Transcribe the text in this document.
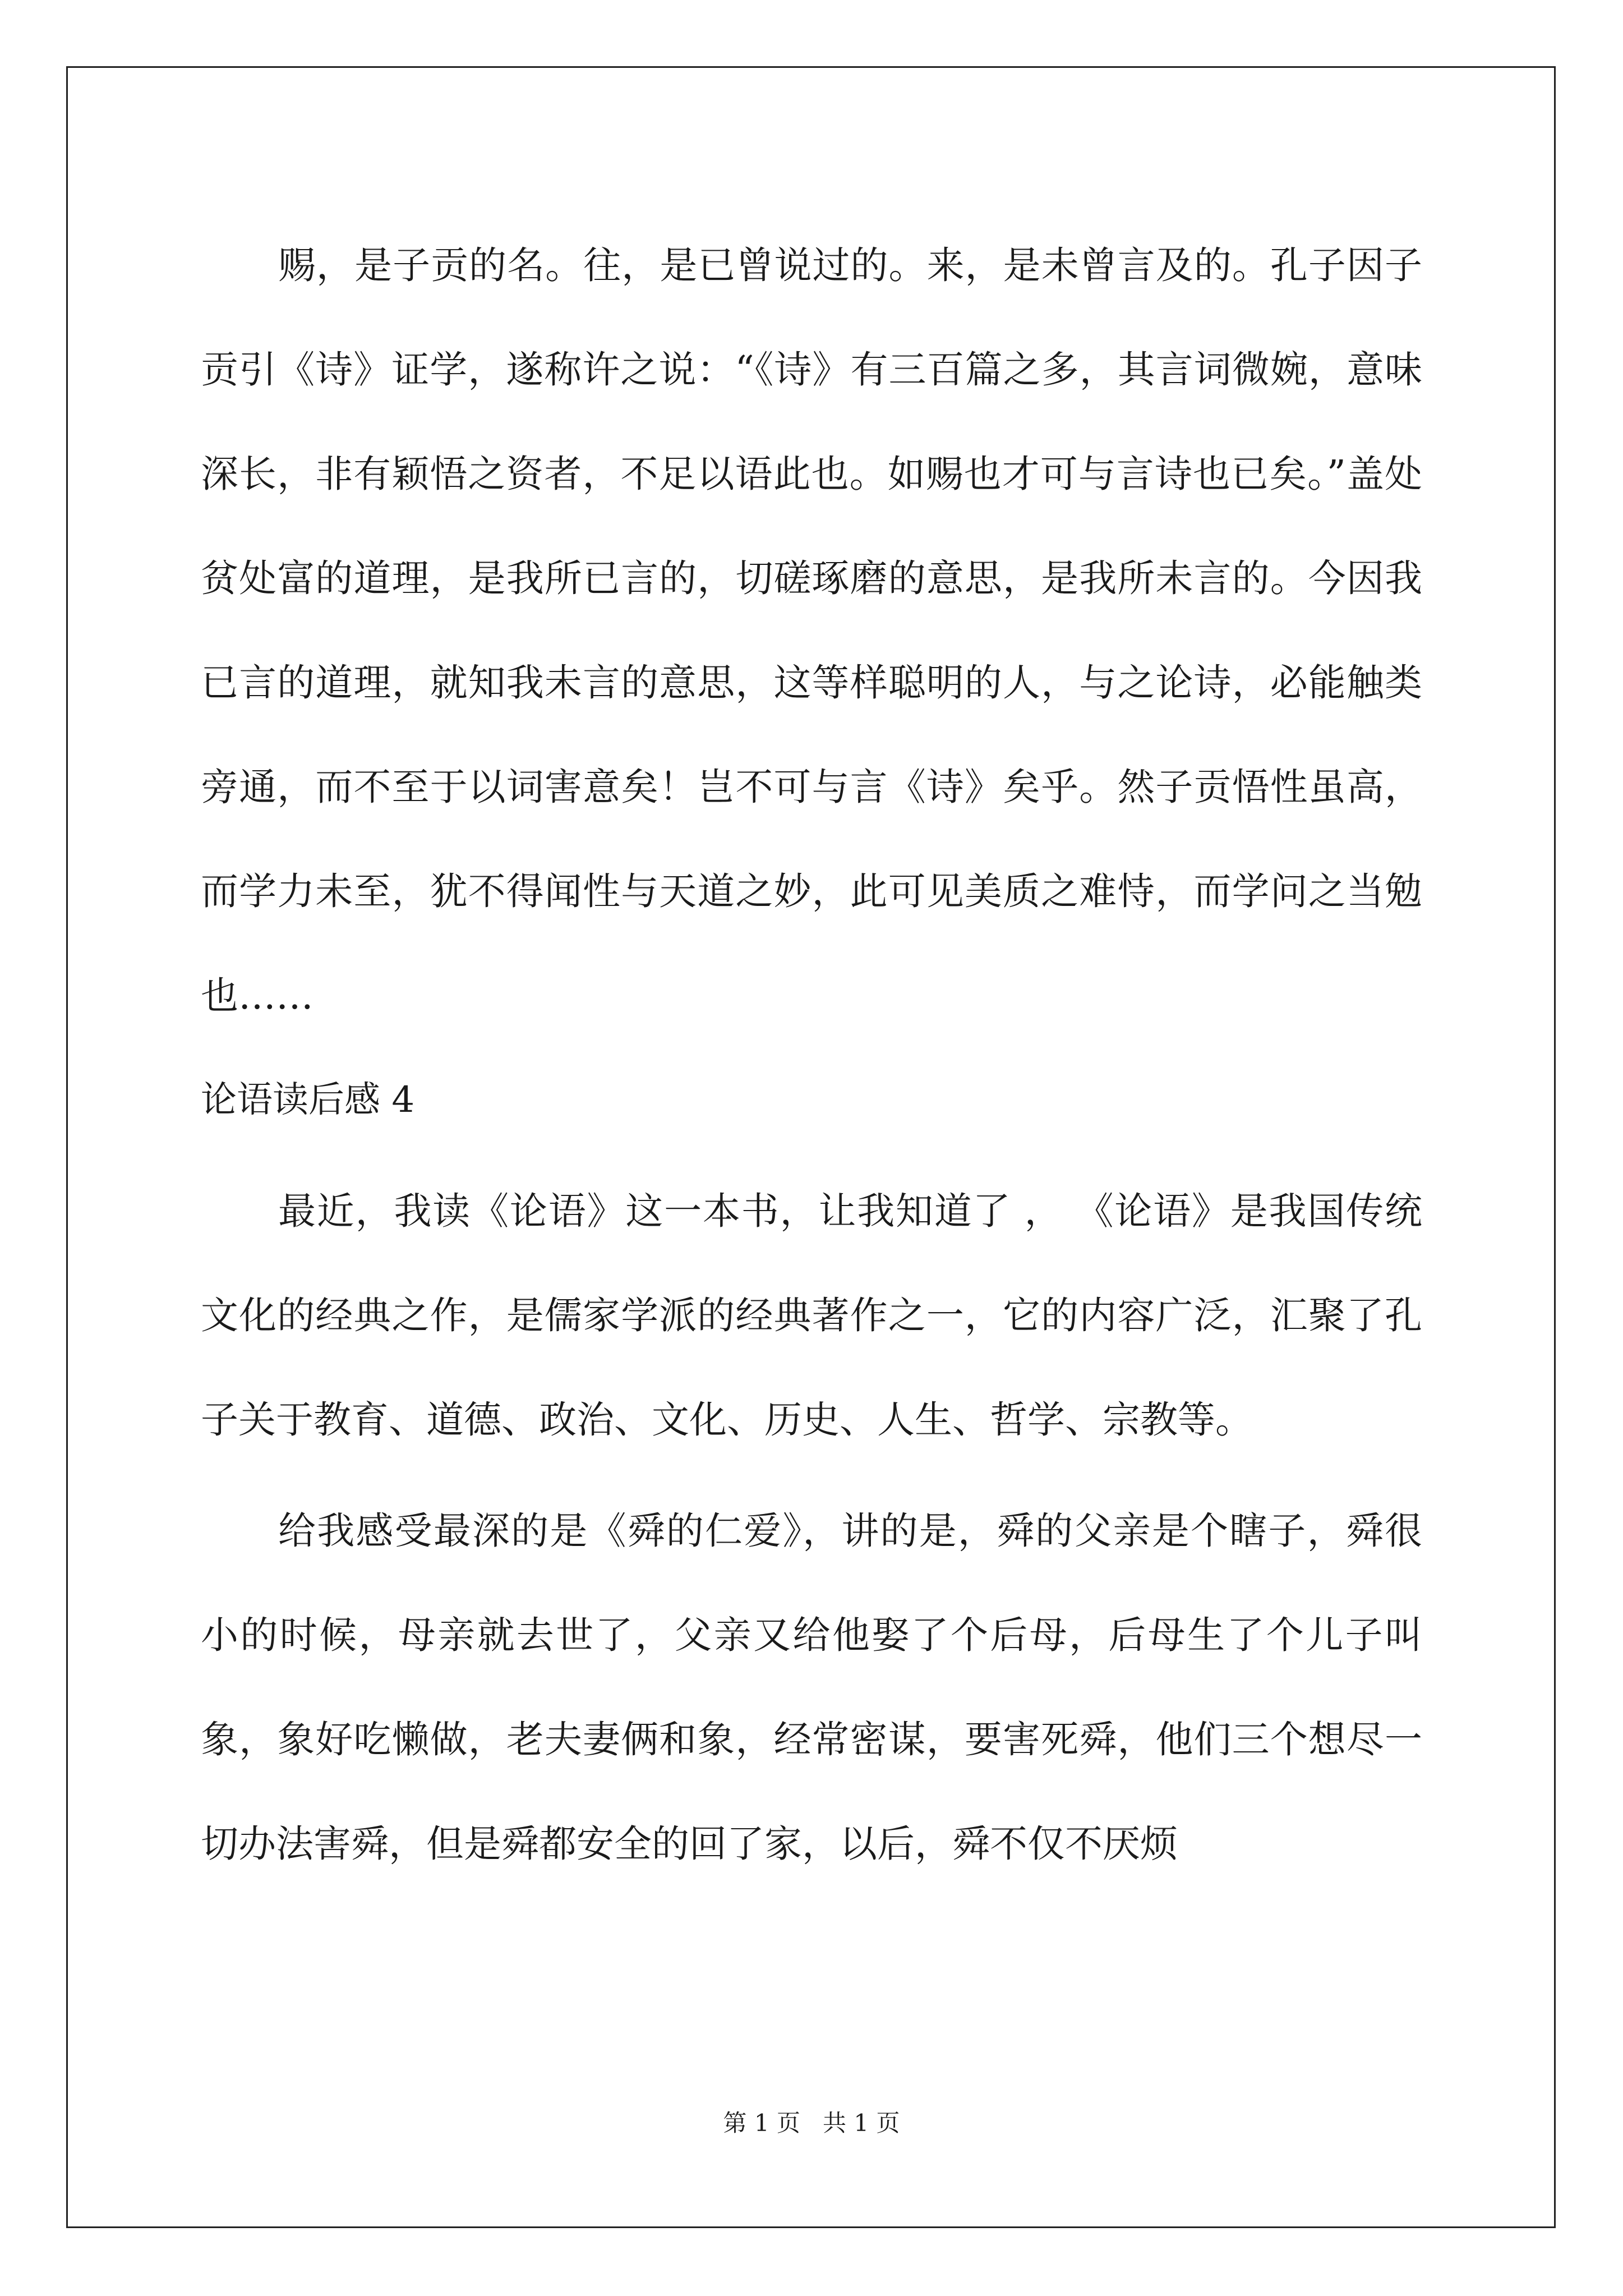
赐，是子贡的名。往，是已曾说过的。来，是未曾言及的。孔子因子贡引《诗》证学，遂称许之说：“《诗》有三百篇之多，其言词微婉，意味深长，非有颖悟之资者，不足以语此也。如赐也才可与言诗也已矣。”盖处贫处富的道理，是我所已言的，切磋琢磨的意思，是我所未言的。今因我已言的道理，就知我未言的意思，这等样聪明的人，与之论诗，必能触类旁通，而不至于以词害意矣！岂不可与言《诗》矣乎。然子贡悟性虽高，而学力未至，犹不得闻性与天道之妙，此可见美质之难恃，而学问之当勉也……

论语读后感 4

最近，我读《论语》这一本书，让我知道了 ， 《论语》是我国传统文化的经典之作，是儒家学派的经典著作之一，它的内容广泛，汇聚了孔子关于教育、道德、政治、文化、历史、人生、哲学、宗教等。

给我感受最深的是《舜的仁爱》，讲的是，舜的父亲是个瞎子，舜很小的时候，母亲就去世了，父亲又给他娶了个后母，后母生了个儿子叫象，象好吃懒做，老夫妻俩和象，经常密谋，要害死舜，他们三个想尽一切办法害舜，但是舜都安全的回了家，以后，舜不仅不厌烦

第 1 页   共 1 页
